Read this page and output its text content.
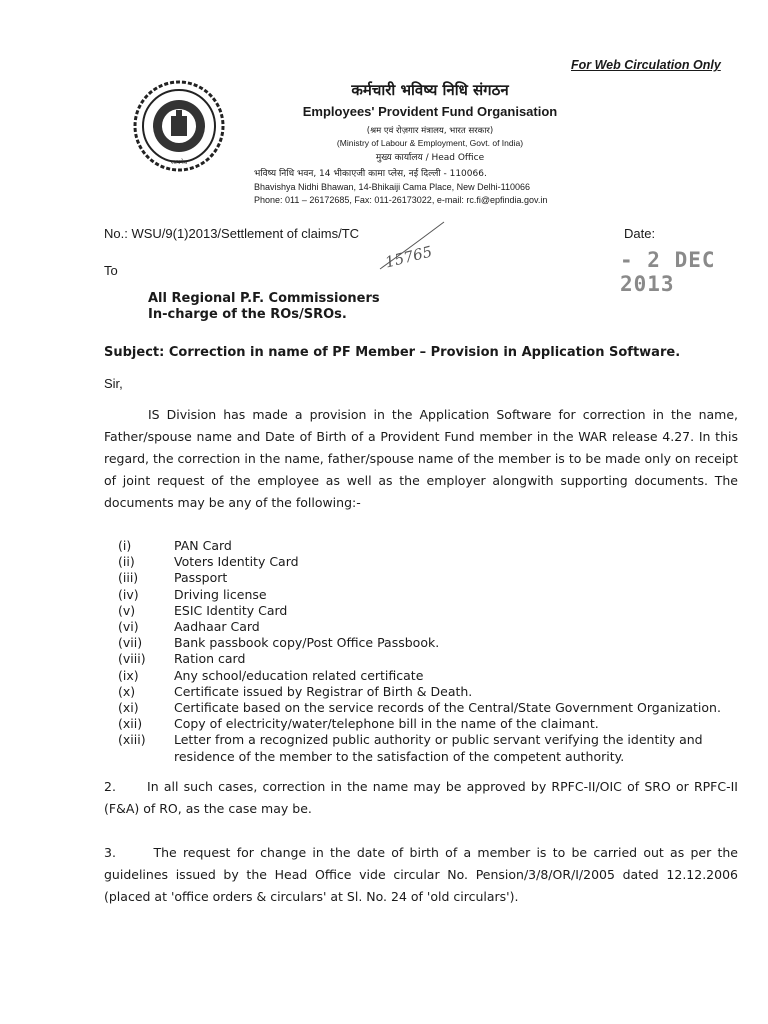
For Web Circulation Only
सत्यमेव
कर्मचारी भविष्य निधि संगठन
Employees' Provident Fund Organisation
(श्रम एवं रोज़गार मंत्रालय, भारत सरकार)
(Ministry of Labour & Employment, Govt. of India)
मुख्य कार्यालय / Head Office
भविष्य निधि भवन, 14 भीकाएजी कामा प्लेस, नई दिल्ली - 110066.
Bhavishya Nidhi Bhawan, 14-Bhikaiji Cama Place, New Delhi-110066
Phone: 011 – 26172685, Fax: 011-26173022, e-mail: rc.fi@epfindia.gov.in
No.: WSU/9(1)2013/Settlement of claims/TC
15765
Date:
- 2 DEC 2013
To
All Regional P.F. Commissioners
In-charge of the ROs/SROs.
Subject: Correction in name of PF Member – Provision in Application Software.
Sir,
IS Division has made a provision in the Application Software for correction in the name, Father/spouse name and Date of Birth of a Provident Fund member in the WAR release 4.27. In this regard, the correction in the name, father/spouse name of the member is to be made only on receipt of joint request of the employee as well as the employer alongwith supporting documents. The documents may be any of the following:-
(i)	PAN Card
(ii)	Voters Identity Card
(iii)	Passport
(iv)	Driving license
(v)	ESIC Identity Card
(vi)	Aadhaar Card
(vii)	Bank passbook copy/Post Office Passbook.
(viii)	Ration card
(ix)	Any school/education related certificate
(x)	Certificate issued by Registrar of Birth & Death.
(xi)	Certificate based on the service records of the Central/State Government Organization.
(xii)	Copy of electricity/water/telephone bill in the name of the claimant.
(xiii)	Letter from a recognized public authority or public servant verifying the identity and residence of the member to the satisfaction of the competent authority.
2.      In all such cases, correction in the name may be approved by RPFC-II/OIC of SRO or RPFC-II (F&A) of RO, as the case may be.
3.      The request for change in the date of birth of a member is to be carried out as per the guidelines issued by the Head Office vide circular No. Pension/3/8/OR/I/2005 dated 12.12.2006 (placed at 'office orders & circulars' at Sl. No. 24 of 'old circulars').
